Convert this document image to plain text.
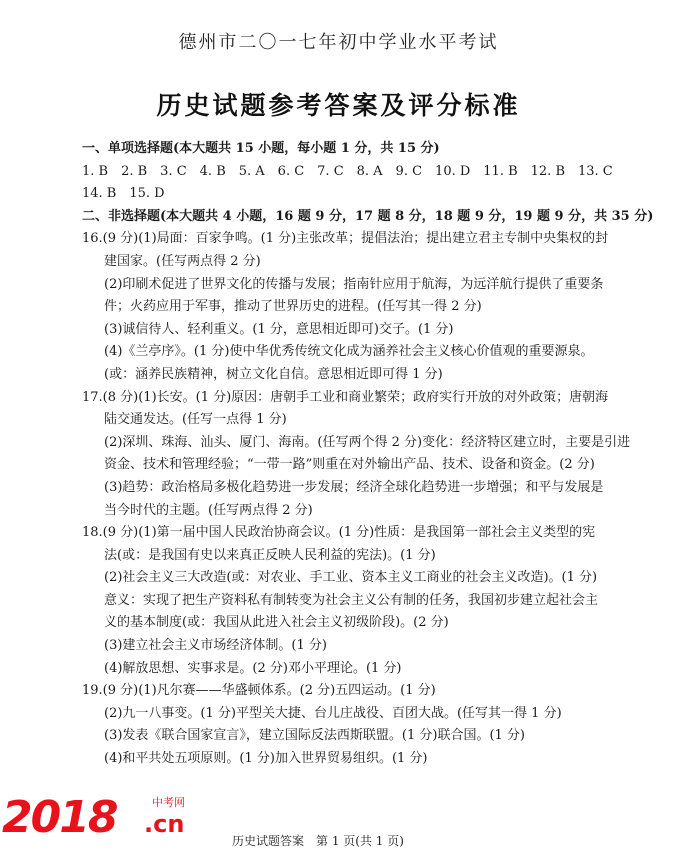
德州市二〇一七年初中学业水平考试
历史试题参考答案及评分标准
一、单项选择题(本大题共 15 小题，每小题 1 分，共 15 分)
1. B　2. B　3. C　4. B　5. A　6. C　7. C　8. A　9. C　10. D　11. B　12. B　13. C
14. B　15. D
二、非选择题(本大题共 4 小题，16 题 9 分，17 题 8 分，18 题 9 分，19 题 9 分，共 35 分)
16.(9 分)(1)局面：百家争鸣。(1 分)主张改革；提倡法治；提出建立君主专制中央集权的封
建国家。(任写两点得 2 分)
(2)印刷术促进了世界文化的传播与发展；指南针应用于航海，为远洋航行提供了重要条
件；火药应用于军事，推动了世界历史的进程。(任写其一得 2 分)
(3)诚信待人、轻利重义。(1 分，意思相近即可)交子。(1 分)
(4)《兰亭序》。(1 分)使中华优秀传统文化成为涵养社会主义核心价值观的重要源泉。
(或：涵养民族精神，树立文化自信。意思相近即可得 1 分)
17.(8 分)(1)长安。(1 分)原因：唐朝手工业和商业繁荣；政府实行开放的对外政策；唐朝海
陆交通发达。(任写一点得 1 分)
(2)深圳、珠海、汕头、厦门、海南。(任写两个得 2 分)变化：经济特区建立时，主要是引进
资金、技术和管理经验；“一带一路”则重在对外输出产品、技术、设备和资金。(2 分)
(3)趋势：政治格局多极化趋势进一步发展；经济全球化趋势进一步增强；和平与发展是
当今时代的主题。(任写两点得 2 分)
18.(9 分)(1)第一届中国人民政治协商会议。(1 分)性质：是我国第一部社会主义类型的宪
法(或：是我国有史以来真正反映人民利益的宪法)。(1 分)
(2)社会主义三大改造(或：对农业、手工业、资本主义工商业的社会主义改造)。(1 分)
意义：实现了把生产资料私有制转变为社会主义公有制的任务，我国初步建立起社会主
义的基本制度(或：我国从此进入社会主义初级阶段)。(2 分)
(3)建立社会主义市场经济体制。(1 分)
(4)解放思想、实事求是。(2 分)邓小平理论。(1 分)
19.(9 分)(1)凡尔赛——华盛顿体系。(2 分)五四运动。(1 分)
(2)九一八事变。(1 分)平型关大捷、台儿庄战役、百团大战。(任写其一得 1 分)
(3)发表《联合国家宣言》，建立国际反法西斯联盟。(1 分)联合国。(1 分)
(4)和平共处五项原则。(1 分)加入世界贸易组织。(1 分)
2018	中考网
.cn
历史试题答案　第 1 页(共 1 页)
